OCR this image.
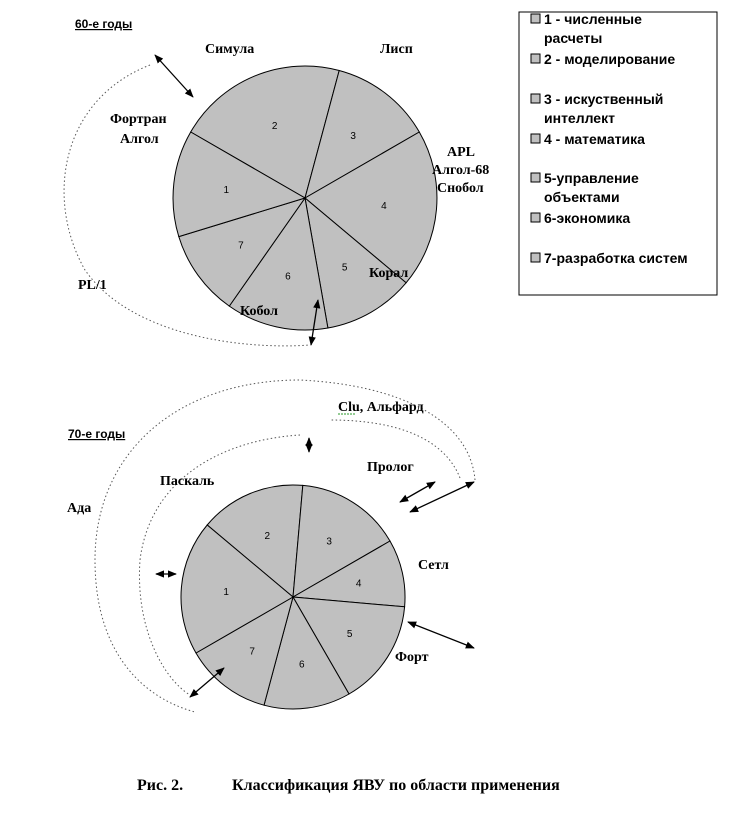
60-е годы
2
3
4
5
6
7
1
Симула	Лисп
Фортран
Алгол
APL
Алгол-68
Снобол
Корал
Кобол
PL/1
1 - численные
расчеты
2 - моделирование
3 - искуственный
интеллект
4 - математика
5-управление
объектами
6-экономика
7-разработка систем
70-е годы
2	3
4
5
6
7
1
Clu, Альфард
Пролог
Паскаль
Ада
Сетл
Форт
Рис. 2.	Классификация ЯВУ по области применения
